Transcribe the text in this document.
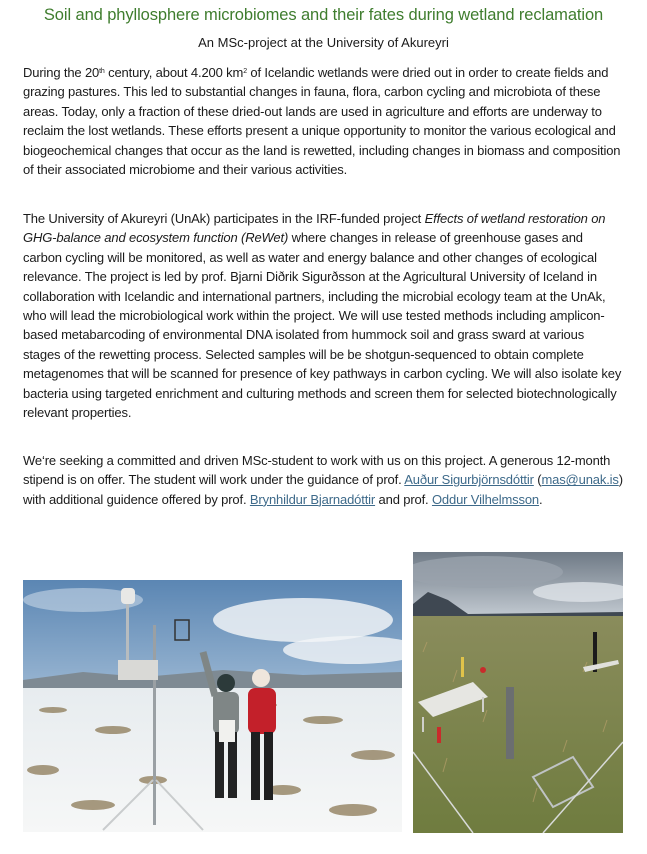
Soil and phyllosphere microbiomes and their fates during wetland reclamation
An MSc-project at the University of Akureyri
During the 20th century, about 4.200 $km^2$ of Icelandic wetlands were dried out in order to create fields and grazing pastures. This led to substantial changes in fauna, flora, carbon cycling and microbiota of these areas. Today, only a fraction of these dried-out lands are used in agriculture and efforts are underway to reclaim the lost wetlands. These efforts present a unique opportunity to monitor the various ecological and biogeochemical changes that occur as the land is rewetted, including changes in biomass and composition of their associated microbiome and their various activities.
The University of Akureyri (UnAk) participates in the IRF-funded project Effects of wetland restoration on GHG-balance and ecosystem function (ReWet) where changes in release of greenhouse gases and carbon cycling will be monitored, as well as water and energy balance and other changes of ecological relevance. The project is led by prof. Bjarni Diðrik Sigurðsson at the Agricultural University of Iceland in collaboration with Icelandic and international partners, including the microbial ecology team at the UnAk, who will lead the microbiological work within the project. We will use tested methods including amplicon-based metabarcoding of environmental DNA isolated from hummock soil and grass sward at various stages of the rewetting process. Selected samples will be be shotgun-sequenced to obtain complete metagenomes that will be scanned for presence of key pathways in carbon cycling. We will also isolate key bacteria using targeted enrichment and culturing methods and screen them for selected biotechnologically relevant properties.
We‘re seeking a committed and driven MSc-student to work with us on this project. A generous 12-month stipend is on offer. The student will work under the guidance of prof. Auður Sigurbjörnsdóttir (mas@unak.is) with additional guidence offered by prof. Brynhildur Bjarnadóttir and prof. Oddur Vilhelmsson.
